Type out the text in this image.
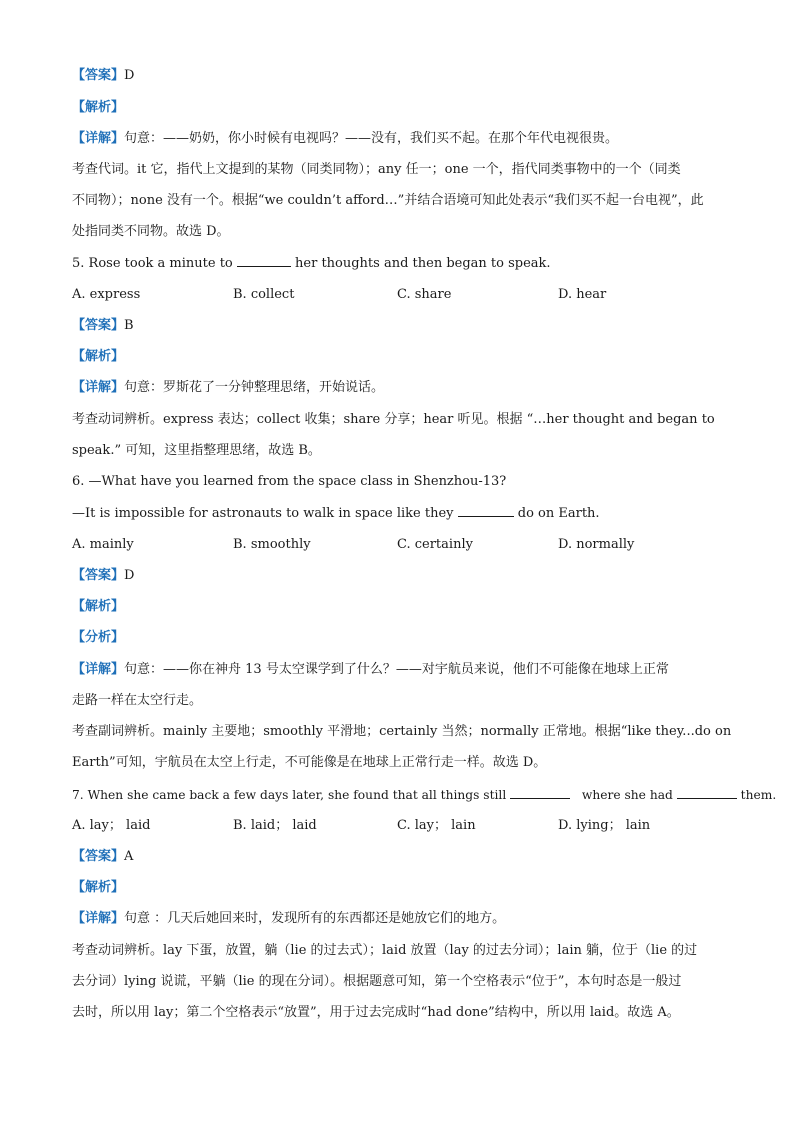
【答案】D
【解析】
【详解】句意：——奶奶，你小时候有电视吗？——没有，我们买不起。在那个年代电视很贵。
考查代词。it 它，指代上文提到的某物（同类同物）；any 任一；one 一个，指代同类事物中的一个（同类
不同物）；none 没有一个。根据“we couldn’t afford…”并结合语境可知此处表示“我们买不起一台电视”，此
处指同类不同物。故选 D。
5. Rose took a minute to	her thoughts and then began to speak.
A. express	B. collect	C. share	D. hear
【答案】B
【解析】
【详解】句意：罗斯花了一分钟整理思绪，开始说话。
考查动词辨析。express 表达；collect 收集；share 分享；hear 听见。根据 “…her thought and began to
speak.” 可知，这里指整理思绪，故选 B。
6. —What have you learned from the space class in Shenzhou-13?
—It is impossible for astronauts to walk in space like they	do on Earth.
A. mainly	B. smoothly	C. certainly	D. normally
【答案】D
【解析】
【分析】
【详解】句意：——你在神舟 13 号太空课学到了什么？——对宇航员来说，他们不可能像在地球上正常
走路一样在太空行走。
考查副词辨析。mainly 主要地；smoothly 平滑地；certainly 当然；normally 正常地。根据“like they...do on
Earth”可知，宇航员在太空上行走，不可能像是在地球上正常行走一样。故选 D。
7. When she came back a few days later, she found that all things still	where she had	them.
A. lay； laid	B. laid； laid	C. lay； lain	D. lying； lain
【答案】A
【解析】
【详解】句意 ：几天后她回来时，发现所有的东西都还是她放它们的地方。
考查动词辨析。lay 下蛋，放置，躺（lie 的过去式）；laid 放置（lay 的过去分词）；lain 躺，位于（lie 的过
去分词）lying 说谎，平躺（lie 的现在分词）。根据题意可知，第一个空格表示“位于”，本句时态是一般过
去时，所以用 lay；第二个空格表示“放置”，用于过去完成时“had done”结构中，所以用 laid。故选 A。
